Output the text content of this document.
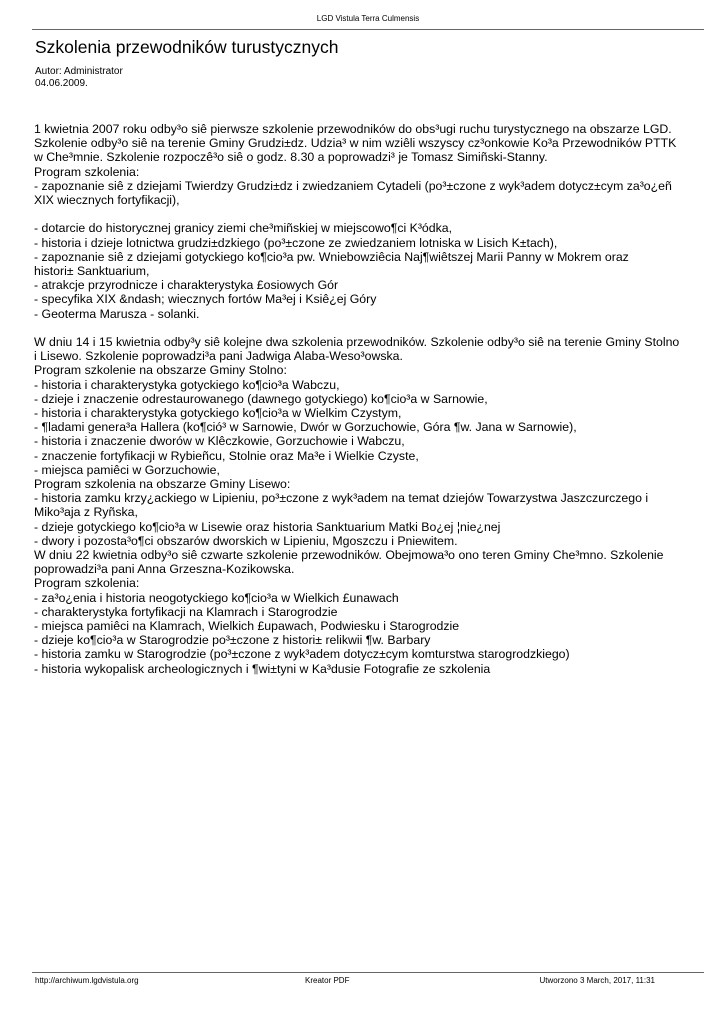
LGD Vistula Terra Culmensis
Szkolenia przewodników turustycznych
Autor: Administrator
04.06.2009.
1 kwietnia 2007 roku odby³o siê pierwsze szkolenie przewodników do obs³ugi ruchu turystycznego na obszarze LGD.
Szkolenie odby³o siê na terenie Gminy Grudzi±dz. Udzia³ w nim wziêli wszyscy cz³onkowie Ko³a Przewodników PTTK
w Che³mnie. Szkolenie rozpoczê³o siê o godz. 8.30 a poprowadzi³ je Tomasz Simiñski-Stanny.
Program szkolenia:
- zapoznanie siê z dziejami Twierdzy Grudzi±dz i zwiedzaniem Cytadeli (po³±czone z wyk³adem dotycz±cym za³o¿eñ
XIX wiecznych fortyfikacji),
- dotarcie do historycznej granicy ziemi che³miñskiej w miejscowo¶ci K³ódka,
- historia i dzieje lotnictwa grudzi±dzkiego (po³±czone ze zwiedzaniem lotniska w Lisich K±tach),
- zapoznanie siê z dziejami gotyckiego ko¶cio³a pw. Wniebowziêcia Naj¶wiêtszej Marii Panny w Mokrem oraz
histori± Sanktuarium,
- atrakcje przyrodnicze i charakterystyka £osiowych Gór
- specyfika XIX &ndash; wiecznych fortów Ma³ej i Ksiê¿ej Góry
- Geoterma Marusza - solanki.
W dniu 14 i 15 kwietnia odby³y siê kolejne dwa szkolenia przewodników. Szkolenie odby³o siê na terenie Gminy Stolno
i Lisewo. Szkolenie poprowadzi³a pani Jadwiga Alaba-Weso³owska.
Program szkolenie na obszarze Gminy Stolno:
- historia i charakterystyka gotyckiego ko¶cio³a Wabczu,
- dzieje i znaczenie odrestaurowanego (dawnego gotyckiego) ko¶cio³a w Sarnowie,
- historia i charakterystyka gotyckiego ko¶cio³a w Wielkim Czystym,
- ¶ladami genera³a Hallera (ko¶ció³ w Sarnowie, Dwór w Gorzuchowie, Góra ¶w. Jana w Sarnowie),
- historia i znaczenie dworów w Klêczkowie, Gorzuchowie i Wabczu,
- znaczenie fortyfikacji w Rybieñcu, Stolnie oraz Ma³e i Wielkie Czyste,
- miejsca pamiêci w Gorzuchowie,
Program szkolenia na obszarze Gminy Lisewo:
- historia zamku krzy¿ackiego w Lipieniu, po³±czone z wyk³adem na temat dziejów Towarzystwa Jaszczurczego i
Miko³aja z Ryñska,
- dzieje gotyckiego ko¶cio³a w Lisewie oraz historia Sanktuarium Matki Bo¿ej ¦nie¿nej
- dwory i pozosta³o¶ci obszarów dworskich w Lipieniu, Mgoszczu i Pniewitem.
W dniu 22 kwietnia odby³o siê czwarte szkolenie przewodników. Obejmowa³o ono teren Gminy Che³mno. Szkolenie
poprowadzi³a pani Anna Grzeszna-Kozikowska.
Program szkolenia:
- za³o¿enia i historia neogotyckiego ko¶cio³a w Wielkich £unawach
- charakterystyka fortyfikacji na Klamrach i Starogrodzie
- miejsca pamiêci na Klamrach, Wielkich £upawach, Podwiesku i Starogrodzie
- dzieje ko¶cio³a w Starogrodzie po³±czone z histori± relikwii ¶w. Barbary
- historia zamku w Starogrodzie (po³±czone z wyk³adem dotycz±cym komturstwa starogrodzkiego)
- historia wykopalisk archeologicznych i ¶wi±tyni w Ka³dusie Fotografie ze szkolenia
http://archiwum.lgdvistula.org	Kreator PDF	Utworzono 3 March, 2017, 11:31
